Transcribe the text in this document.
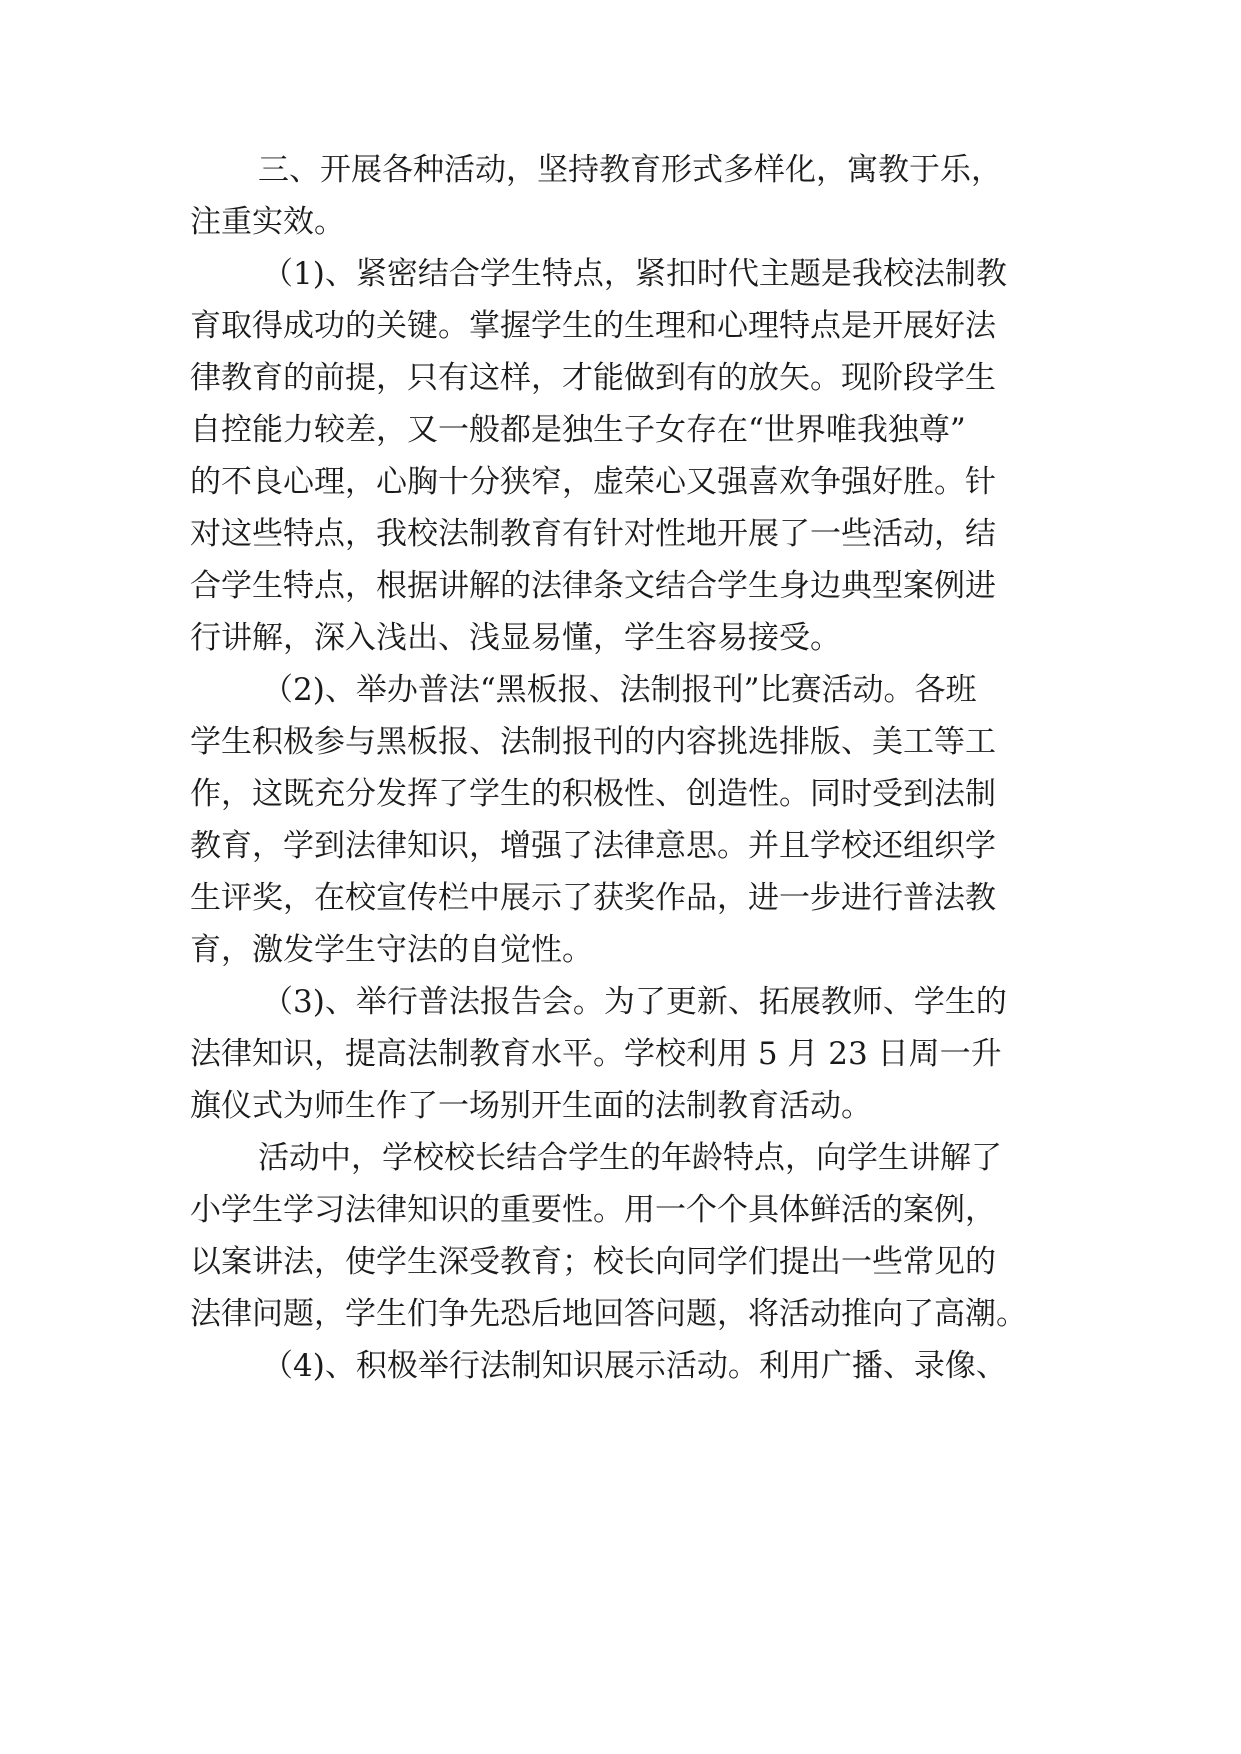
三、开展各种活动，坚持教育形式多样化，寓教于乐，
注重实效。
（1)、紧密结合学生特点，紧扣时代主题是我校法制教
育取得成功的关键。掌握学生的生理和心理特点是开展好法
律教育的前提，只有这样，才能做到有的放矢。现阶段学生
自控能力较差，又一般都是独生子女存在“世界唯我独尊”
的不良心理，心胸十分狭窄，虚荣心又强喜欢争强好胜。针
对这些特点，我校法制教育有针对性地开展了一些活动，结
合学生特点，根据讲解的法律条文结合学生身边典型案例进
行讲解，深入浅出、浅显易懂，学生容易接受。
（2)、举办普法“黑板报、法制报刊”比赛活动。各班
学生积极参与黑板报、法制报刊的内容挑选排版、美工等工
作，这既充分发挥了学生的积极性、创造性。同时受到法制
教育，学到法律知识，增强了法律意思。并且学校还组织学
生评奖，在校宣传栏中展示了获奖作品，进一步进行普法教
育，激发学生守法的自觉性。
（3)、举行普法报告会。为了更新、拓展教师、学生的
法律知识，提高法制教育水平。学校利用 5 月 23 日周一升
旗仪式为师生作了一场别开生面的法制教育活动。
活动中，学校校长结合学生的年龄特点，向学生讲解了
小学生学习法律知识的重要性。用一个个具体鲜活的案例，
以案讲法，使学生深受教育；校长向同学们提出一些常见的
法律问题，学生们争先恐后地回答问题，将活动推向了高潮。
（4)、积极举行法制知识展示活动。利用广播、录像、
